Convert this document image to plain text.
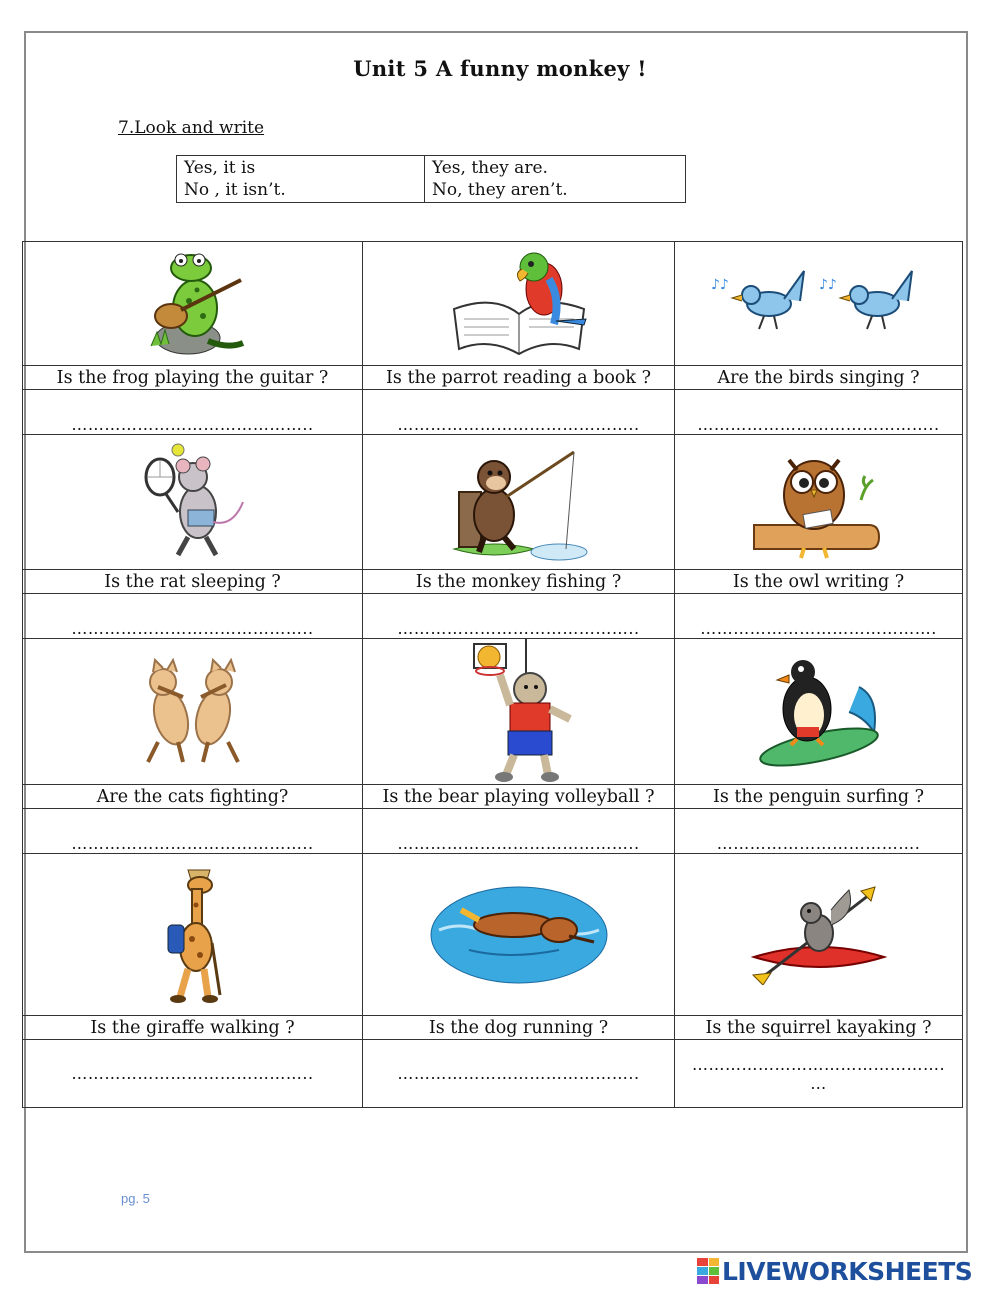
Unit 5 A funny monkey !
7.Look and write
Yes, it is
No , it isn’t.

Yes, they are.
No, they aren’t.

♪♪ ♪♪

Is the frog playing the guitar ?	Is the parrot reading a book ?	Are the birds singing ?
……………………………………..	……………………………………..	……………………………………..

Is the rat sleeping ?	Is the monkey fishing ?	Is the owl writing ?
……………………………………..	……………………………………..	…………………………………….

Are the cats fighting?	Is the bear playing volleyball ?	Is the penguin surfing ?
……………………………………..	……………………………………..	……………………………….

Is the giraffe walking ?	Is the dog running ?	Is the squirrel kayaking ?
……………………………………..	……………………………………..	……………………………………….
…
pg. 5
LIVEWORKSHEETS
